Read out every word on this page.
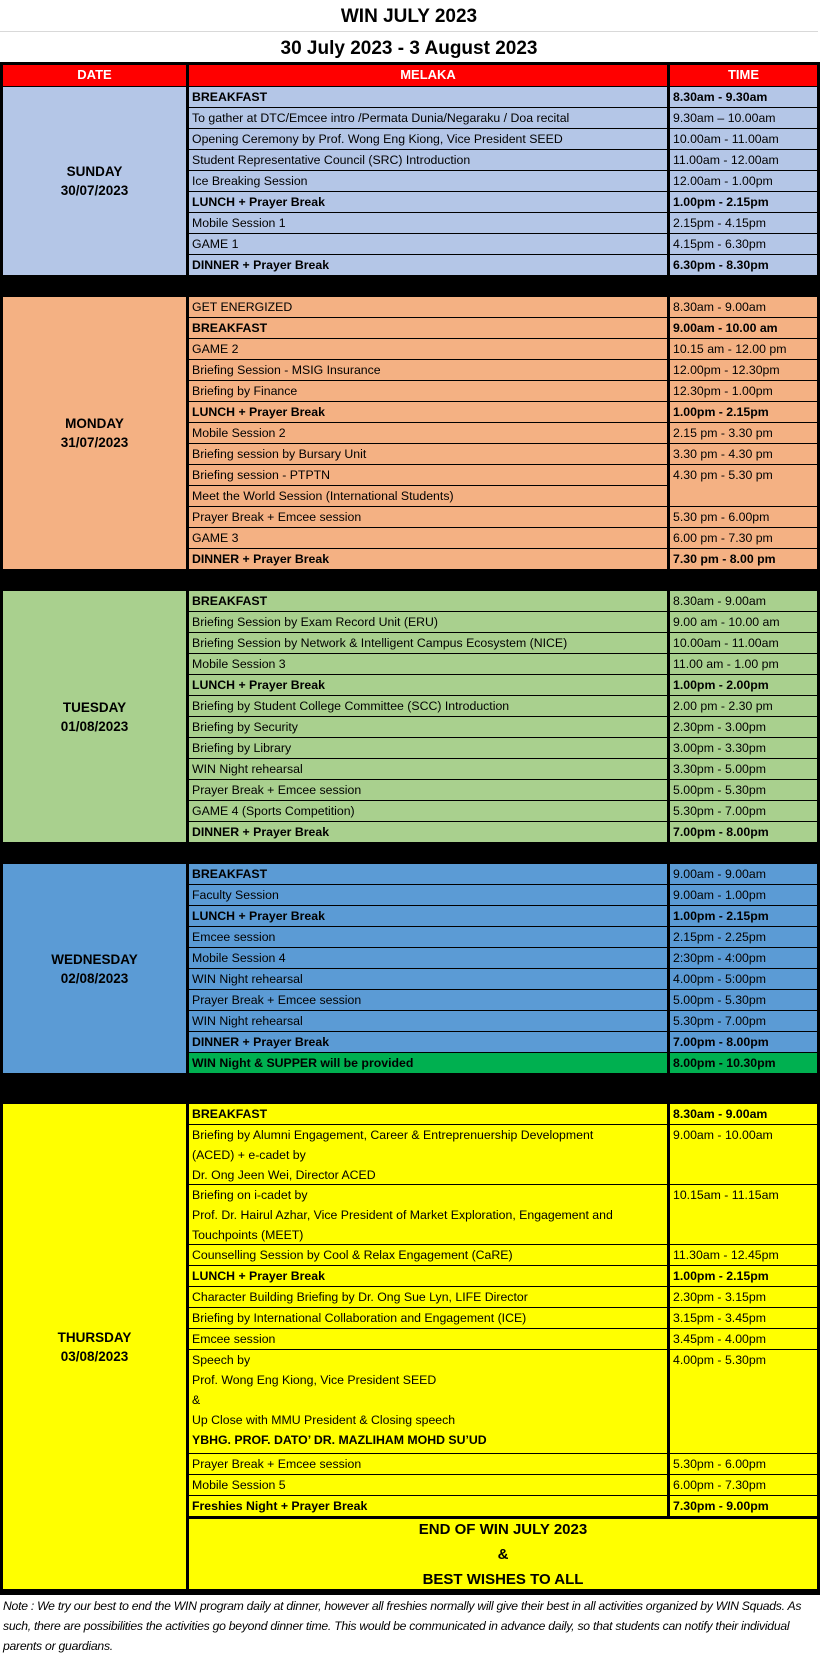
WIN JULY 2023
30 July 2023 - 3 August 2023
DATE	MELAKA	TIME
SUNDAY
30/07/2023
BREAKFAST	8.30am - 9.30am
To gather at DTC/Emcee intro /Permata Dunia/Negaraku / Doa recital	9.30am – 10.00am
Opening Ceremony by Prof. Wong Eng Kiong, Vice President SEED	10.00am - 11.00am
Student Representative Council (SRC) Introduction	11.00am - 12.00am
Ice Breaking Session	12.00am - 1.00pm
LUNCH + Prayer Break	1.00pm - 2.15pm
Mobile Session 1	2.15pm - 4.15pm
GAME 1	4.15pm - 6.30pm
DINNER + Prayer Break	6.30pm - 8.30pm
MONDAY
31/07/2023
GET ENERGIZED	8.30am - 9.00am
BREAKFAST	9.00am - 10.00 am
GAME 2	10.15 am - 12.00 pm
Briefing Session - MSIG Insurance	12.00pm - 12.30pm
Briefing by Finance	12.30pm - 1.00pm
LUNCH + Prayer Break	1.00pm - 2.15pm
Mobile Session 2	2.15 pm - 3.30 pm
Briefing session by Bursary Unit	3.30 pm - 4.30 pm
Briefing session - PTPTN	4.30 pm - 5.30 pm
Meet the World Session (International Students)
Prayer Break + Emcee session	5.30 pm - 6.00pm
GAME 3	6.00 pm - 7.30 pm
DINNER + Prayer Break	7.30 pm - 8.00 pm
TUESDAY
01/08/2023
BREAKFAST	8.30am - 9.00am
Briefing Session by Exam Record Unit (ERU)	9.00 am - 10.00 am
Briefing Session by Network & Intelligent Campus Ecosystem (NICE)	10.00am - 11.00am
Mobile Session 3	11.00 am - 1.00 pm
LUNCH + Prayer Break	1.00pm - 2.00pm
Briefing by Student College Committee (SCC) Introduction	2.00 pm - 2.30 pm
Briefing by Security	2.30pm - 3.00pm
Briefing by Library	3.00pm - 3.30pm
WIN Night rehearsal	3.30pm - 5.00pm
Prayer Break + Emcee session	5.00pm - 5.30pm
GAME 4 (Sports Competition)	5.30pm - 7.00pm
DINNER + Prayer Break	7.00pm - 8.00pm
WEDNESDAY
02/08/2023
BREAKFAST	9.00am - 9.00am
Faculty Session	9.00am - 1.00pm
LUNCH + Prayer Break	1.00pm - 2.15pm
Emcee session	2.15pm - 2.25pm
Mobile Session 4	2:30pm - 4:00pm
WIN Night rehearsal	4.00pm - 5:00pm
Prayer Break + Emcee session	5.00pm - 5.30pm
WIN Night rehearsal	5.30pm - 7.00pm
DINNER + Prayer Break	7.00pm - 8.00pm
WIN Night & SUPPER will be provided	8.00pm - 10.30pm
THURSDAY
03/08/2023
BREAKFAST	8.30am - 9.00am
Briefing by Alumni Engagement, Career & Entreprenuership Development
(ACED) + e-cadet by
Dr. Ong Jeen Wei, Director ACED
9.00am - 10.00am
Briefing on i-cadet by
Prof. Dr. Hairul Azhar, Vice President of Market Exploration, Engagement and
Touchpoints (MEET)
10.15am - 11.15am
Counselling Session by Cool & Relax Engagement (CaRE)	11.30am - 12.45pm
LUNCH + Prayer Break	1.00pm - 2.15pm
Character Building Briefing by Dr. Ong Sue Lyn, LIFE Director	2.30pm - 3.15pm
Briefing by International Collaboration and Engagement (ICE)	3.15pm - 3.45pm
Emcee session	3.45pm - 4.00pm
Speech by
Prof. Wong Eng Kiong, Vice President SEED
&
Up Close with MMU President & Closing speech
YBHG. PROF. DATO’ DR. MAZLIHAM MOHD SU’UD
4.00pm - 5.30pm
Prayer Break + Emcee session	5.30pm - 6.00pm
Mobile Session 5	6.00pm - 7.30pm
Freshies Night + Prayer Break	7.30pm - 9.00pm
END OF WIN JULY 2023
&
BEST WISHES TO ALL
Note : We try our best to end the WIN program daily at dinner, however all freshies normally will give their best in all activities organized by WIN Squads. As such, there are possibilities the activities go beyond dinner time. This would be communicated in advance daily, so that students can notify their individual parents or guardians.
